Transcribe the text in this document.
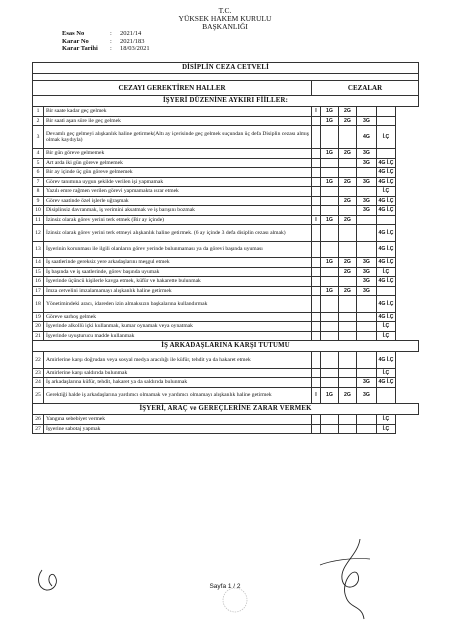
T.C.
YÜKSEK HAKEM KURULU
BAŞKANLIĞI
Esas No	:	2021/14
Karar No	:	2021/183
Karar Tarihi	:	18/03/2021
DİSİPLİN CEZA CETVELİ						

CEZAYI GEREKTİREN HALLER		CEZALAR				
İŞYERİ DÜZENİNE AYKIRI FİİLLER:						
1	Bir saate kadar geç gelmek	I	1G	2G		
2	Bir saati aşan süre ile geç gelmek		1G	2G	3G	
3	Devamlı geç gelmeyi alışkanlık haline getirmek(Altı ay içerisinde geç gelmek suçundan üç defa Disiplin cezası almış olmak kaydıyla)				4G	İ.Ç
4	Bir gün göreve gelmemek		1G	2G	3G	
5	Art arda iki gün göreve gelmemek				3G	4G İ.Ç
6	Bir ay içinde üç gün göreve gelmemek					4G İ.Ç
7	Görev tanımına uygun şekilde verilen işi yapmamak		1G	2G	3G	4G İ.Ç
8	Yazılı emre rağmen verilen görevi yapmamakta ısrar etmek					İ.Ç
9	Görev saatinde özel işlerle uğraşmak			2G	3G	4G İ.Ç
10	Disiplinsiz davranmak, iş verimini aksatmak ve iş barışını bozmak				3G	4G İ.Ç
11	İzinsiz olarak görev yerini terk etmek (Bir ay içinde)	I	1G	2G		
12	İzinsiz olarak görev yerini terk etmeyi alışkanlık haline getirmek. (6 ay içinde 3 defa disiplin cezası almak)					4G İ.Ç
13	İşyerinin korunması ile ilgili olanların görev yerinde bulunmaması ya da görevi başında uyuması					4G İ.Ç
14	İş saatlerinde gereksiz yere arkadaşlarını meşgul etmek		1G	2G	3G	4G İ.Ç
15	İş başında ve iş saatlerinde, görev başında uyumak			2G	3G	İ.Ç
16	İşyerinde üçüncü kişilerle kavga etmek, küfür ve hakarette bulunmak				3G	4G İ.Ç
17	İmza cetvelini imzalamamayı alışkanlık haline getirmek		1G	2G	3G	
18	Yönetimindeki aracı, idareden izin almaksızın başkalarına kullandırmak					4G İ.Ç
19	Göreve sarhoş gelmek					4G İ.Ç
20	İşyerinde alkollü içki kullanmak, kumar oynamak veya oynatmak					İ.Ç
21	İşyerinde uyuşturucu madde kullanmak					İ.Ç
İŞ ARKADAŞLARINA KARŞI TUTUMU						
22	Amirlerine karşı doğrudan veya sosyal medya aracılığı ile küfür, tehdit ya da hakaret etmek					4G İ.Ç
23	Amirlerine karşı saldırıda bulunmak					İ.Ç
24	İş arkadaşlarına küfür, tehdit, hakaret ya da saldırıda bulunmak				3G	4G İ.Ç
25	Gerektiği halde iş arkadaşlarına yardımcı olmamak ve yardımcı olmamayı alışkanlık haline getirmek	I	1G	2G	3G	
İŞYERİ, ARAÇ ve GEREÇLERİNE ZARAR VERMEK						
26	Yangına sebebiyet vermek					İ.Ç
27	İşyerine sabotaj yapmak					İ.Ç
Sayfa 1 / 2
